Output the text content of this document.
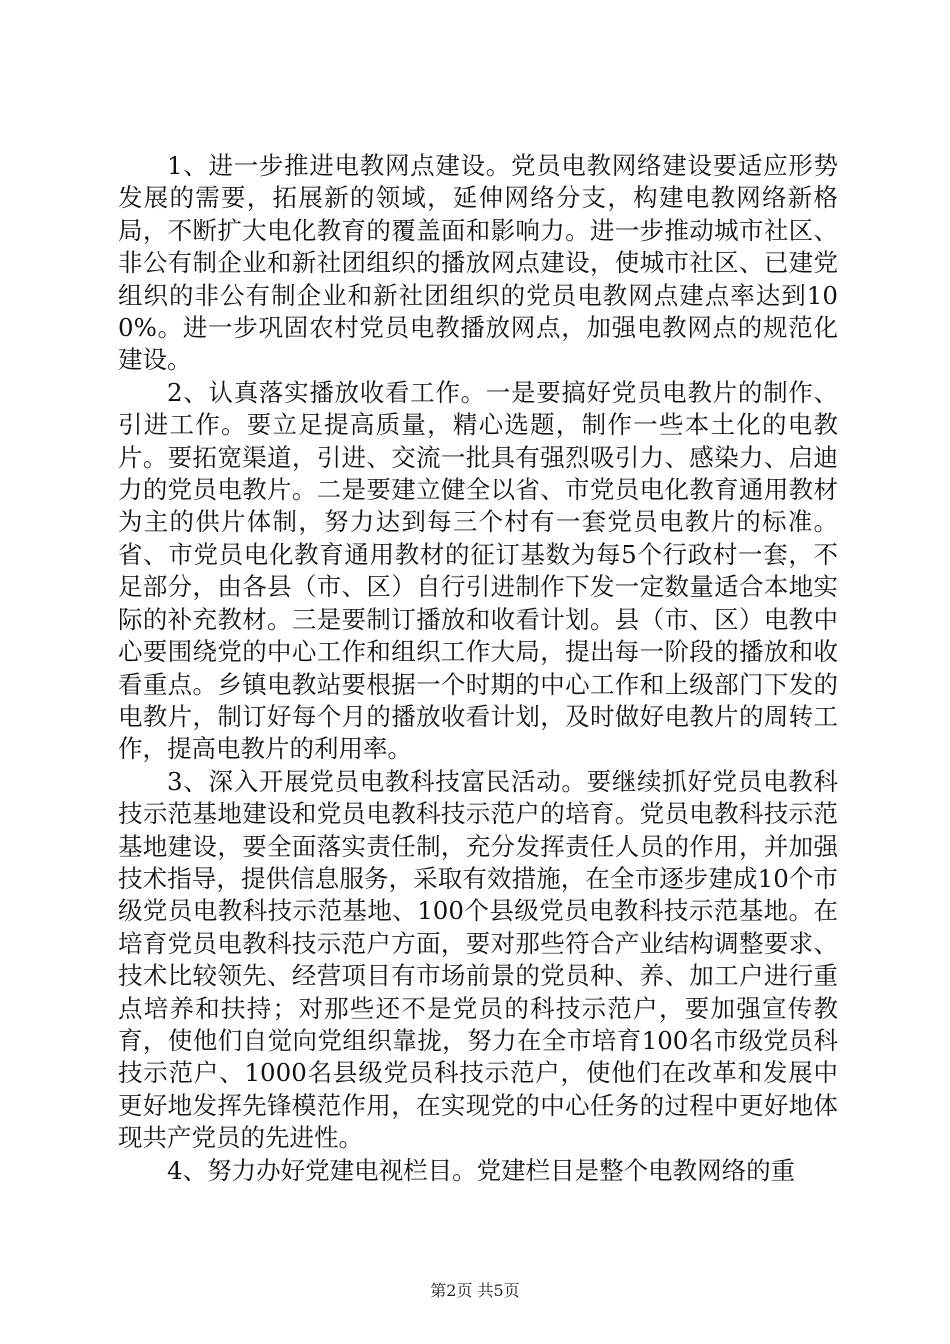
1、进一步推进电教网点建设。党员电教网络建设要适应形势发展的需要，拓展新的领域，延伸网络分支，构建电教网络新格局，不断扩大电化教育的覆盖面和影响力。进一步推动城市社区、非公有制企业和新社团组织的播放网点建设，使城市社区、已建党组织的非公有制企业和新社团组织的党员电教网点建点率达到100%。进一步巩固农村党员电教播放网点，加强电教网点的规范化建设。

2、认真落实播放收看工作。一是要搞好党员电教片的制作、引进工作。要立足提高质量，精心选题，制作一些本土化的电教片。要拓宽渠道，引进、交流一批具有强烈吸引力、感染力、启迪力的党员电教片。二是要建立健全以省、市党员电化教育通用教材为主的供片体制，努力达到每三个村有一套党员电教片的标准。省、市党员电化教育通用教材的征订基数为每5个行政村一套，不足部分，由各县（市、区）自行引进制作下发一定数量适合本地实际的补充教材。三是要制订播放和收看计划。县（市、区）电教中心要围绕党的中心工作和组织工作大局，提出每一阶段的播放和收看重点。乡镇电教站要根据一个时期的中心工作和上级部门下发的电教片，制订好每个月的播放收看计划，及时做好电教片的周转工作，提高电教片的利用率。

3、深入开展党员电教科技富民活动。要继续抓好党员电教科技示范基地建设和党员电教科技示范户的培育。党员电教科技示范基地建设，要全面落实责任制，充分发挥责任人员的作用，并加强技术指导，提供信息服务，采取有效措施，在全市逐步建成10个市级党员电教科技示范基地、100个县级党员电教科技示范基地。在培育党员电教科技示范户方面，要对那些符合产业结构调整要求、技术比较领先、经营项目有市场前景的党员种、养、加工户进行重点培养和扶持；对那些还不是党员的科技示范户，要加强宣传教育，使他们自觉向党组织靠拢，努力在全市培育100名市级党员科技示范户、1000名县级党员科技示范户，使他们在改革和发展中更好地发挥先锋模范作用，在实现党的中心任务的过程中更好地体现共产党员的先进性。

4、努力办好党建电视栏目。党建栏目是整个电教网络的重

第2页 共5页
